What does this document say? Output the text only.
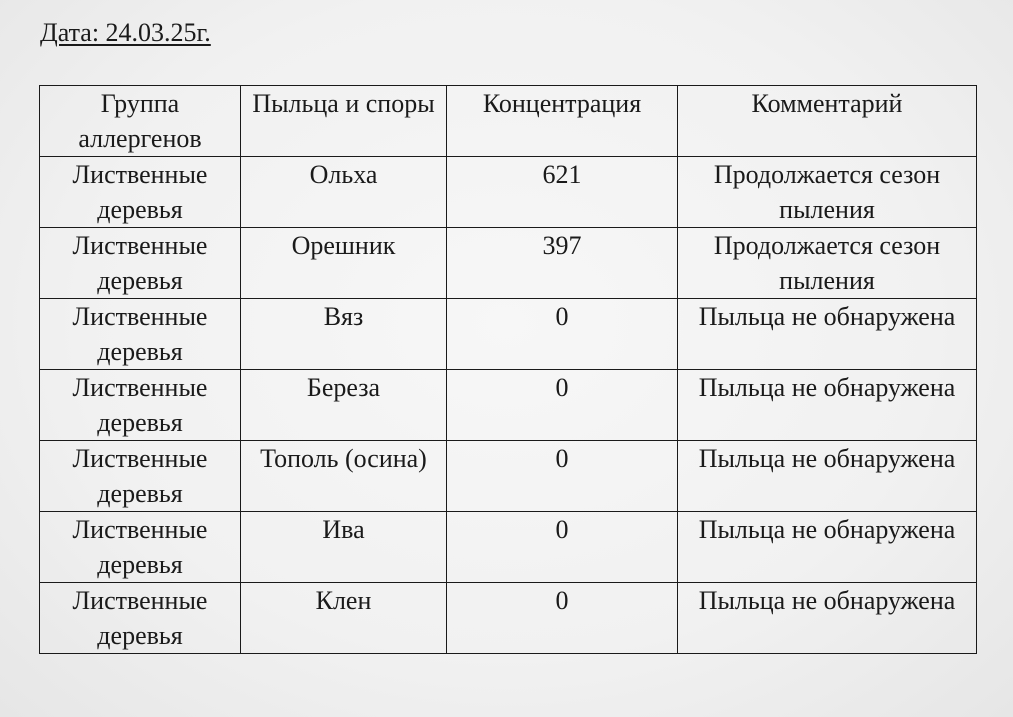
Дата: 24.03.25г.
Группа аллергенов	Пыльца и споры	Концентрация	Комментарий
Лиственные деревья	Ольха	621	Продолжается сезон пыления
Лиственные деревья	Орешник	397	Продолжается сезон пыления
Лиственные деревья	Вяз	0	Пыльца не обнаружена
Лиственные деревья	Береза	0	Пыльца не обнаружена
Лиственные деревья	Тополь (осина)	0	Пыльца не обнаружена
Лиственные деревья	Ива	0	Пыльца не обнаружена
Лиственные деревья	Клен	0	Пыльца не обнаружена
